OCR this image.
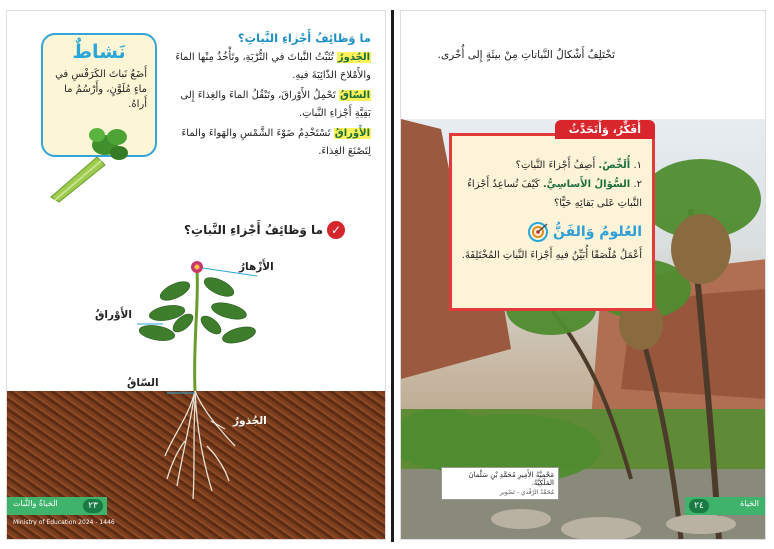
نَشاطٌ
أَضَعُ نَباتَ الكَرَفْسِ في ماءٍ مُلَوَّنٍ، وأَرْسُمُ ما أَراهُ.
ما وَظائِفُ أَجْزاءِ النَّباتِ؟

الجُذورُ تُثَبِّتُ النَّباتَ في التُّرْبَةِ، وتَأْخُذُ مِنْها الماءَ والأَمْلاحَ الذّائِبَةَ فيهِ.

السّاقُ تَحْمِلُ الأَوْراقَ، وتَنْقُلُ الماءَ والغِذاءَ إِلى بَقِيَّةِ أَجْزاءِ النَّباتِ.

الأَوْراقُ تَسْتَخْدِمُ ضَوْءَ الشَّمْسِ والهَواءَ والماءَ لِتَصْنَعَ الغِذاءَ.

✓
ما وَظائِفُ أَجْزاءِ النَّباتِ؟
الأَزْهارُ
الأَوْراقُ
السّاقُ
الجُذورُ
الحَياةُ والنَّبات	٢٣
Ministry of Education 2024 - 1446
تَخْتَلِفُ أَشْكالُ النَّباتاتِ مِنْ بيئَةٍ إِلى أُخْرى.
أُفَكِّرُ، وَأَتَحَدَّثُ

١. أُلَخِّصُ. أَصِفُ أَجْزاءَ النَّباتِ؟

٢. السُّؤالُ الأَساسِيُّ. كَيْفَ تُساعِدُ أَجْزاءُ النَّباتِ عَلى بَقائِهِ حَيًّا؟

العُلومُ وَالفَنُّ

أَعْمَلُ مُلْصَقًا أُبَيِّنُ فيهِ أَجْزاءَ النَّباتِ المُخْتَلِفَةَ.

مَحْمِيَّةُ الأَمِيرِ مُحَمَّدِ بْنِ سَلْمانَ المَلَكِيَّةُ.
مُحَمَّدُ الرَّفْدي - تَصْوير
٢٤	الحَياة
